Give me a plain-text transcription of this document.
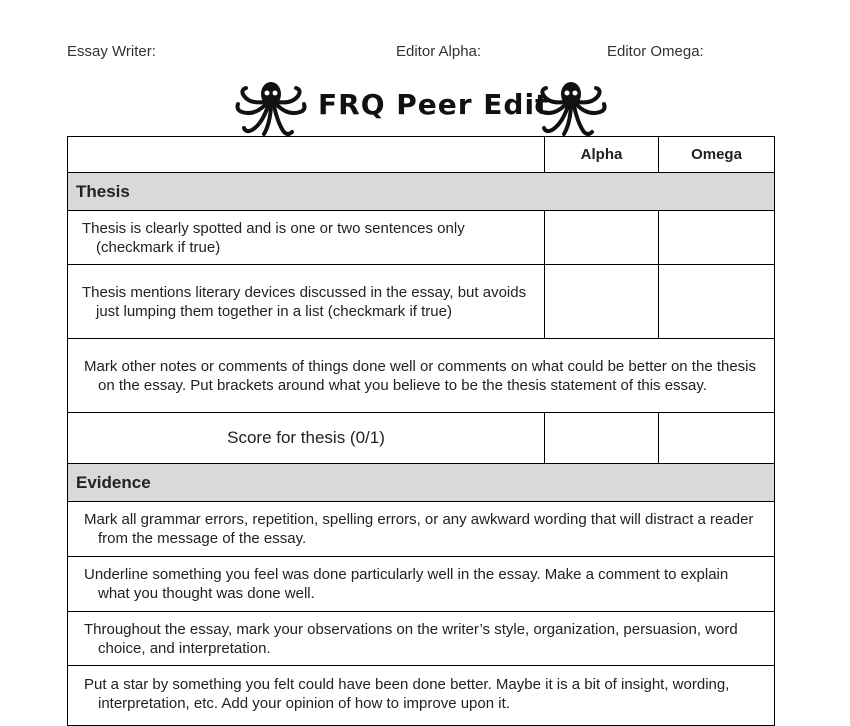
Essay Writer:	Editor Alpha:	Editor Omega:
FRQ Peer Edit
	Alpha	Omega
Thesis		
Thesis is clearly spotted and is one or two sentences only (checkmark if true)		
Thesis mentions literary devices discussed in the essay, but avoids just lumping them together in a list (checkmark if true)		
Mark other notes or comments of things done well or comments on what could be better on the thesis on the essay. Put brackets around what you believe to be the thesis statement of this essay.		
Score for thesis (0/1)		
Evidence		
Mark all grammar errors, repetition, spelling errors, or any awkward wording that will distract a reader from the message of the essay.		
Underline something you feel was done particularly well in the essay. Make a comment to explain what you thought was done well.		
Throughout the essay, mark your observations on the writer’s style, organization, persuasion, word choice, and interpretation.		
Put a star by something you felt could have been done better. Maybe it is a bit of insight, wording, interpretation, etc. Add your opinion of how to improve upon it.		
